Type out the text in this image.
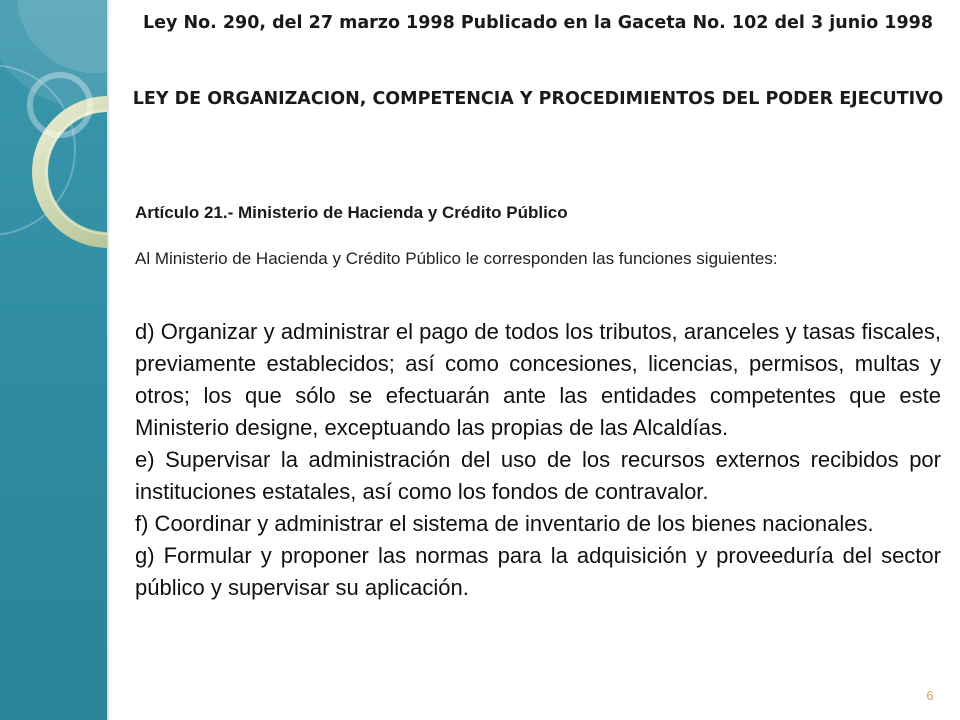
Ley No. 290, del 27 marzo 1998 Publicado en la Gaceta No. 102 del 3 junio 1998
LEY DE ORGANIZACION, COMPETENCIA Y PROCEDIMIENTOS DEL PODER EJECUTIVO
Artículo 21.- Ministerio de Hacienda y Crédito Público
Al Ministerio de Hacienda y Crédito Público le corresponden las funciones siguientes:

d) Organizar y administrar el pago de todos los tributos, aranceles y tasas fiscales, previamente establecidos; así como concesiones, licencias, permisos, multas y otros; los que sólo se efectuarán ante las entidades competentes que este Ministerio designe, exceptuando las propias de las Alcaldías.

e) Supervisar la administración del uso de los recursos externos recibidos por instituciones estatales, así como los fondos de contravalor.

f) Coordinar y administrar el sistema de inventario de los bienes nacionales.

g) Formular y proponer las normas para la adquisición y proveeduría del sector público y supervisar su aplicación.

6
